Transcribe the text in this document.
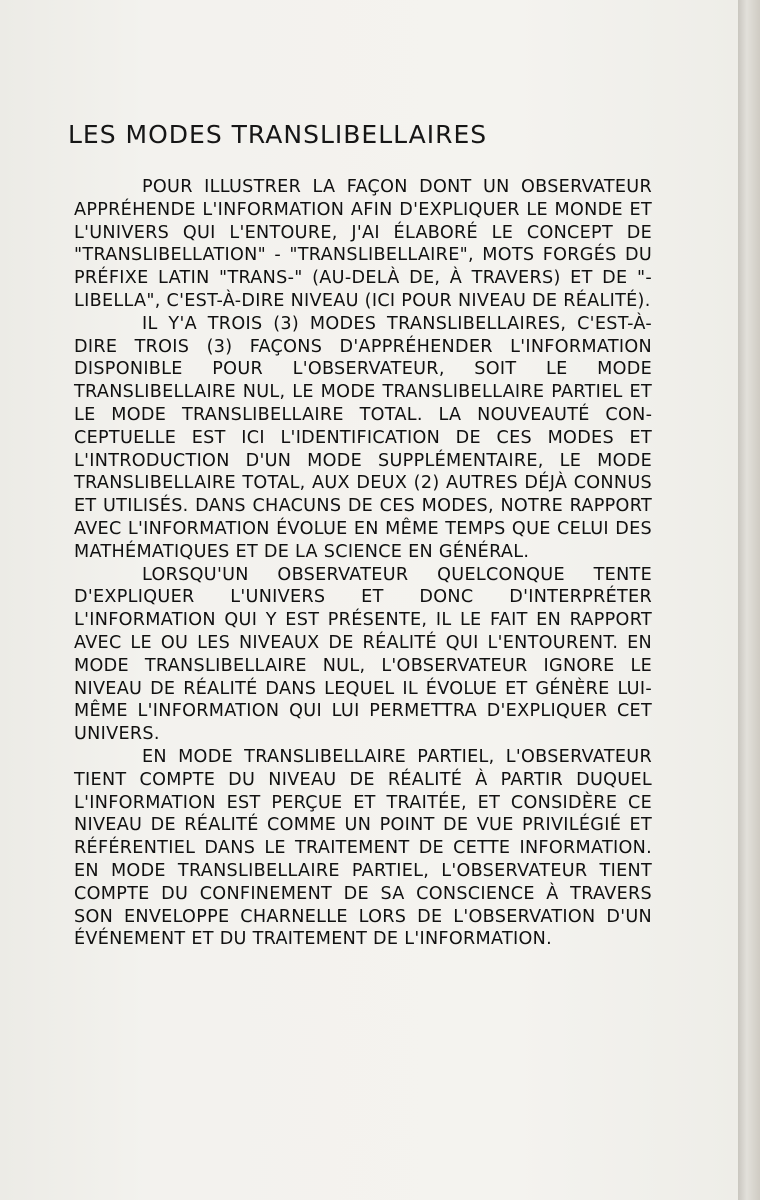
LES MODES TRANSLIBELLAIRES

POUR ILLUSTRER LA FAÇON DONT UN OBSERVATEUR APPRÉHENDE L'INFORMATION AFIN D'EXPLIQUER LE MONDE ET L'UNIVERS QUI L'ENTOURE, J'AI ÉLABORÉ LE CONCEPT DE "TRANSLIBELLATION" - "TRANSLIBELLAIRE", MOTS FORGÉS DU PRÉFIXE LATIN "TRANS-" (AU-DELÀ DE, À TRAVERS) ET DE "-LIBELLA", C'EST-À-DIRE NIVEAU (ICI POUR NIVEAU DE RÉALITÉ).

IL Y'A TROIS (3) MODES TRANSLIBELLAIRES, C'EST-À-DIRE TROIS (3) FAÇONS D'APPRÉHENDER L'INFORMATION DISPONIBLE POUR L'OBSERVATEUR, SOIT LE MODE TRANSLIBELLAIRE NUL, LE MODE TRANSLIBELLAIRE PARTIEL ET LE MODE TRANSLIBELLAIRE TOTAL. LA NOUVEAUTÉ CONCEPTUELLE EST ICI L'IDENTIFICATION DE CES MODES ET L'INTRODUCTION D'UN MODE SUPPLÉMENTAIRE, LE MODE TRANSLIBELLAIRE TOTAL, AUX DEUX (2) AUTRES DÉJÀ CONNUS ET UTILISÉS. DANS CHACUNS DE CES MODES, NOTRE RAPPORT AVEC L'INFORMATION ÉVOLUE EN MÊME TEMPS QUE CELUI DES MATHÉMATIQUES ET DE LA SCIENCE EN GÉNÉRAL.

LORSQU'UN OBSERVATEUR QUELCONQUE TENTE D'EXPLIQUER L'UNIVERS ET DONC D'INTERPRÉTER L'INFORMATION QUI Y EST PRÉSENTE, IL LE FAIT EN RAPPORT AVEC LE OU LES NIVEAUX DE RÉALITÉ QUI L'ENTOURENT. EN MODE TRANSLIBELLAIRE NUL, L'OBSERVATEUR IGNORE LE NIVEAU DE RÉALITÉ DANS LEQUEL IL ÉVOLUE ET GÉNÈRE LUI-MÊME L'INFORMATION QUI LUI PERMETTRA D'EXPLIQUER CET UNIVERS.

EN MODE TRANSLIBELLAIRE PARTIEL, L'OBSERVATEUR TIENT COMPTE DU NIVEAU DE RÉALITÉ À PARTIR DUQUEL L'INFORMATION EST PERÇUE ET TRAITÉE, ET CONSIDÈRE CE NIVEAU DE RÉALITÉ COMME UN POINT DE VUE PRIVILÉGIÉ ET RÉFÉRENTIEL DANS LE TRAITEMENT DE CETTE INFORMATION. EN MODE TRANSLIBELLAIRE PARTIEL, L'OBSERVATEUR TIENT COMPTE DU CONFINEMENT DE SA CONSCIENCE À TRAVERS SON ENVELOPPE CHARNELLE LORS DE L'OBSERVATION D'UN ÉVÉNEMENT ET DU TRAITEMENT DE L'INFORMATION.
